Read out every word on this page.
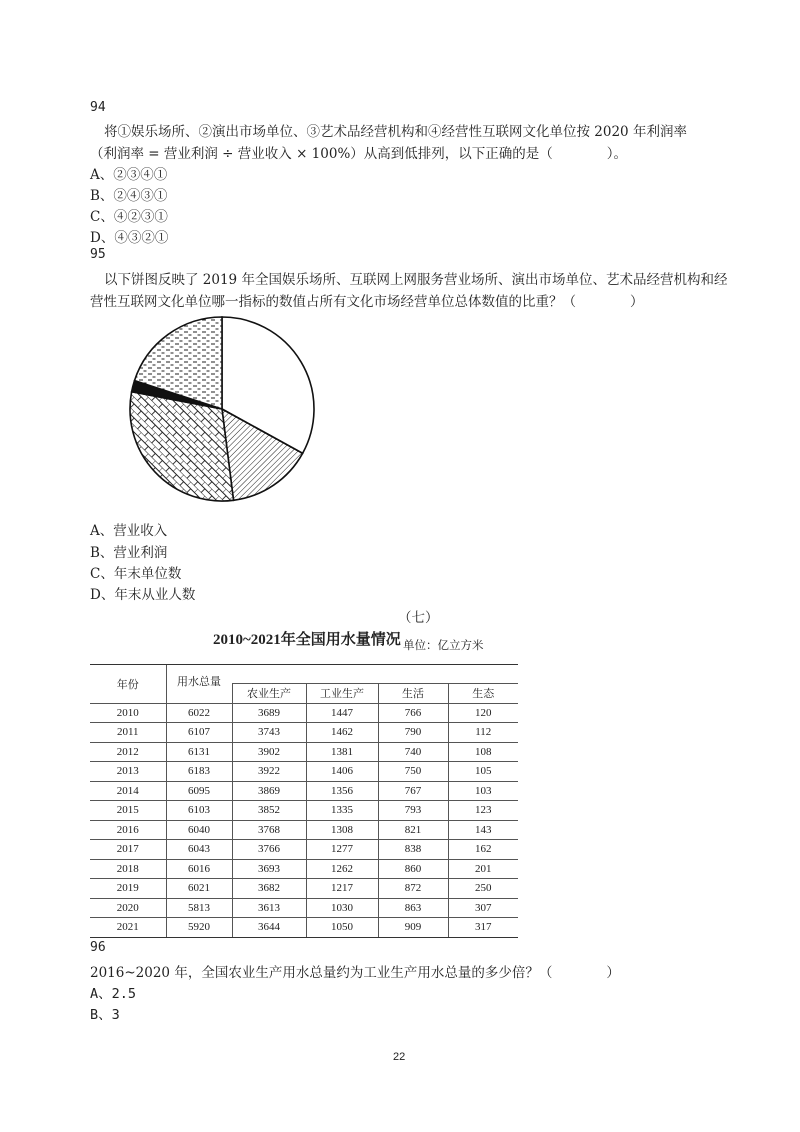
94
将①娱乐场所、②演出市场单位、③艺术品经营机构和④经营性互联网文化单位按 2020 年利润率
（利润率 = 营业利润 ÷ 营业收入 × 100%）从高到低排列，以下正确的是（　　　　）。
A、②③④①
B、②④③①
C、④②③①
D、④③②①
95
以下饼图反映了 2019 年全国娱乐场所、互联网上网服务营业场所、演出市场单位、艺术品经营机构和经
营性互联网文化单位哪一指标的数值占所有文化市场经营单位总体数值的比重？（　　　　）
A、营业收入
B、营业利润
C、年末单位数
D、年末从业人数
（七）
2010~2021年全国用水量情况 单位：亿立方米
年份	用水总量				
		农业生产	工业生产	生活	生态
2010	6022	3689	1447	766	120
2011	6107	3743	1462	790	112
2012	6131	3902	1381	740	108
2013	6183	3922	1406	750	105
2014	6095	3869	1356	767	103
2015	6103	3852	1335	793	123
2016	6040	3768	1308	821	143
2017	6043	3766	1277	838	162
2018	6016	3693	1262	860	201
2019	6021	3682	1217	872	250
2020	5813	3613	1030	863	307
2021	5920	3644	1050	909	317
96
2016~2020 年，全国农业生产用水总量约为工业生产用水总量的多少倍？（　　　　）
A、2.5
B、3
22
